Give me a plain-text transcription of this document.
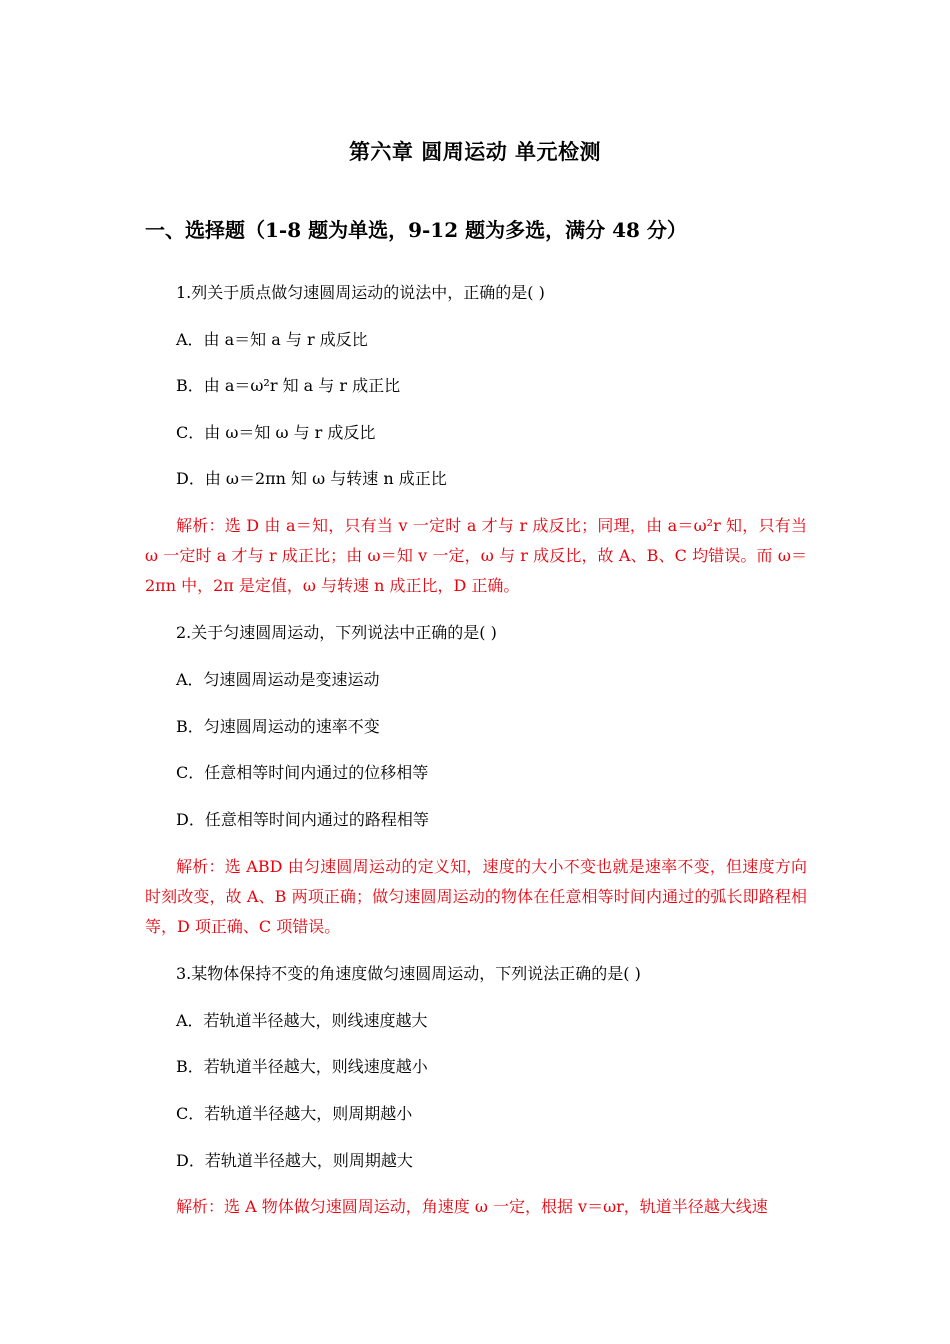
第六章 圆周运动 单元检测
一、选择题（1-8 题为单选，9-12 题为多选，满分 48 分）
1.列关于质点做匀速圆周运动的说法中，正确的是( )
A．由 a＝知 a 与 r 成反比
B．由 a＝ω²r 知 a 与 r 成正比
C．由 ω＝知 ω 与 r 成反比
D．由 ω＝2πn 知 ω 与转速 n 成正比
解析：选 D 由 a＝知，只有当 v 一定时 a 才与 r 成反比；同理，由 a＝ω²r 知，只有当 ω 一定时 a 才与 r 成正比；由 ω＝知 v 一定，ω 与 r 成反比，故 A、B、C 均错误。而 ω＝2πn 中，2π 是定值，ω 与转速 n 成正比，D 正确。
2.关于匀速圆周运动，下列说法中正确的是( )
A．匀速圆周运动是变速运动
B．匀速圆周运动的速率不变
C．任意相等时间内通过的位移相等
D．任意相等时间内通过的路程相等
解析：选 ABD 由匀速圆周运动的定义知，速度的大小不变也就是速率不变，但速度方向时刻改变，故 A、B 两项正确；做匀速圆周运动的物体在任意相等时间内通过的弧长即路程相等，D 项正确、C 项错误。
3.某物体保持不变的角速度做匀速圆周运动，下列说法正确的是( )
A．若轨道半径越大，则线速度越大
B．若轨道半径越大，则线速度越小
C．若轨道半径越大，则周期越小
D．若轨道半径越大，则周期越大
解析：选 A 物体做匀速圆周运动，角速度 ω 一定，根据 v＝ωr，轨道半径越大线速
